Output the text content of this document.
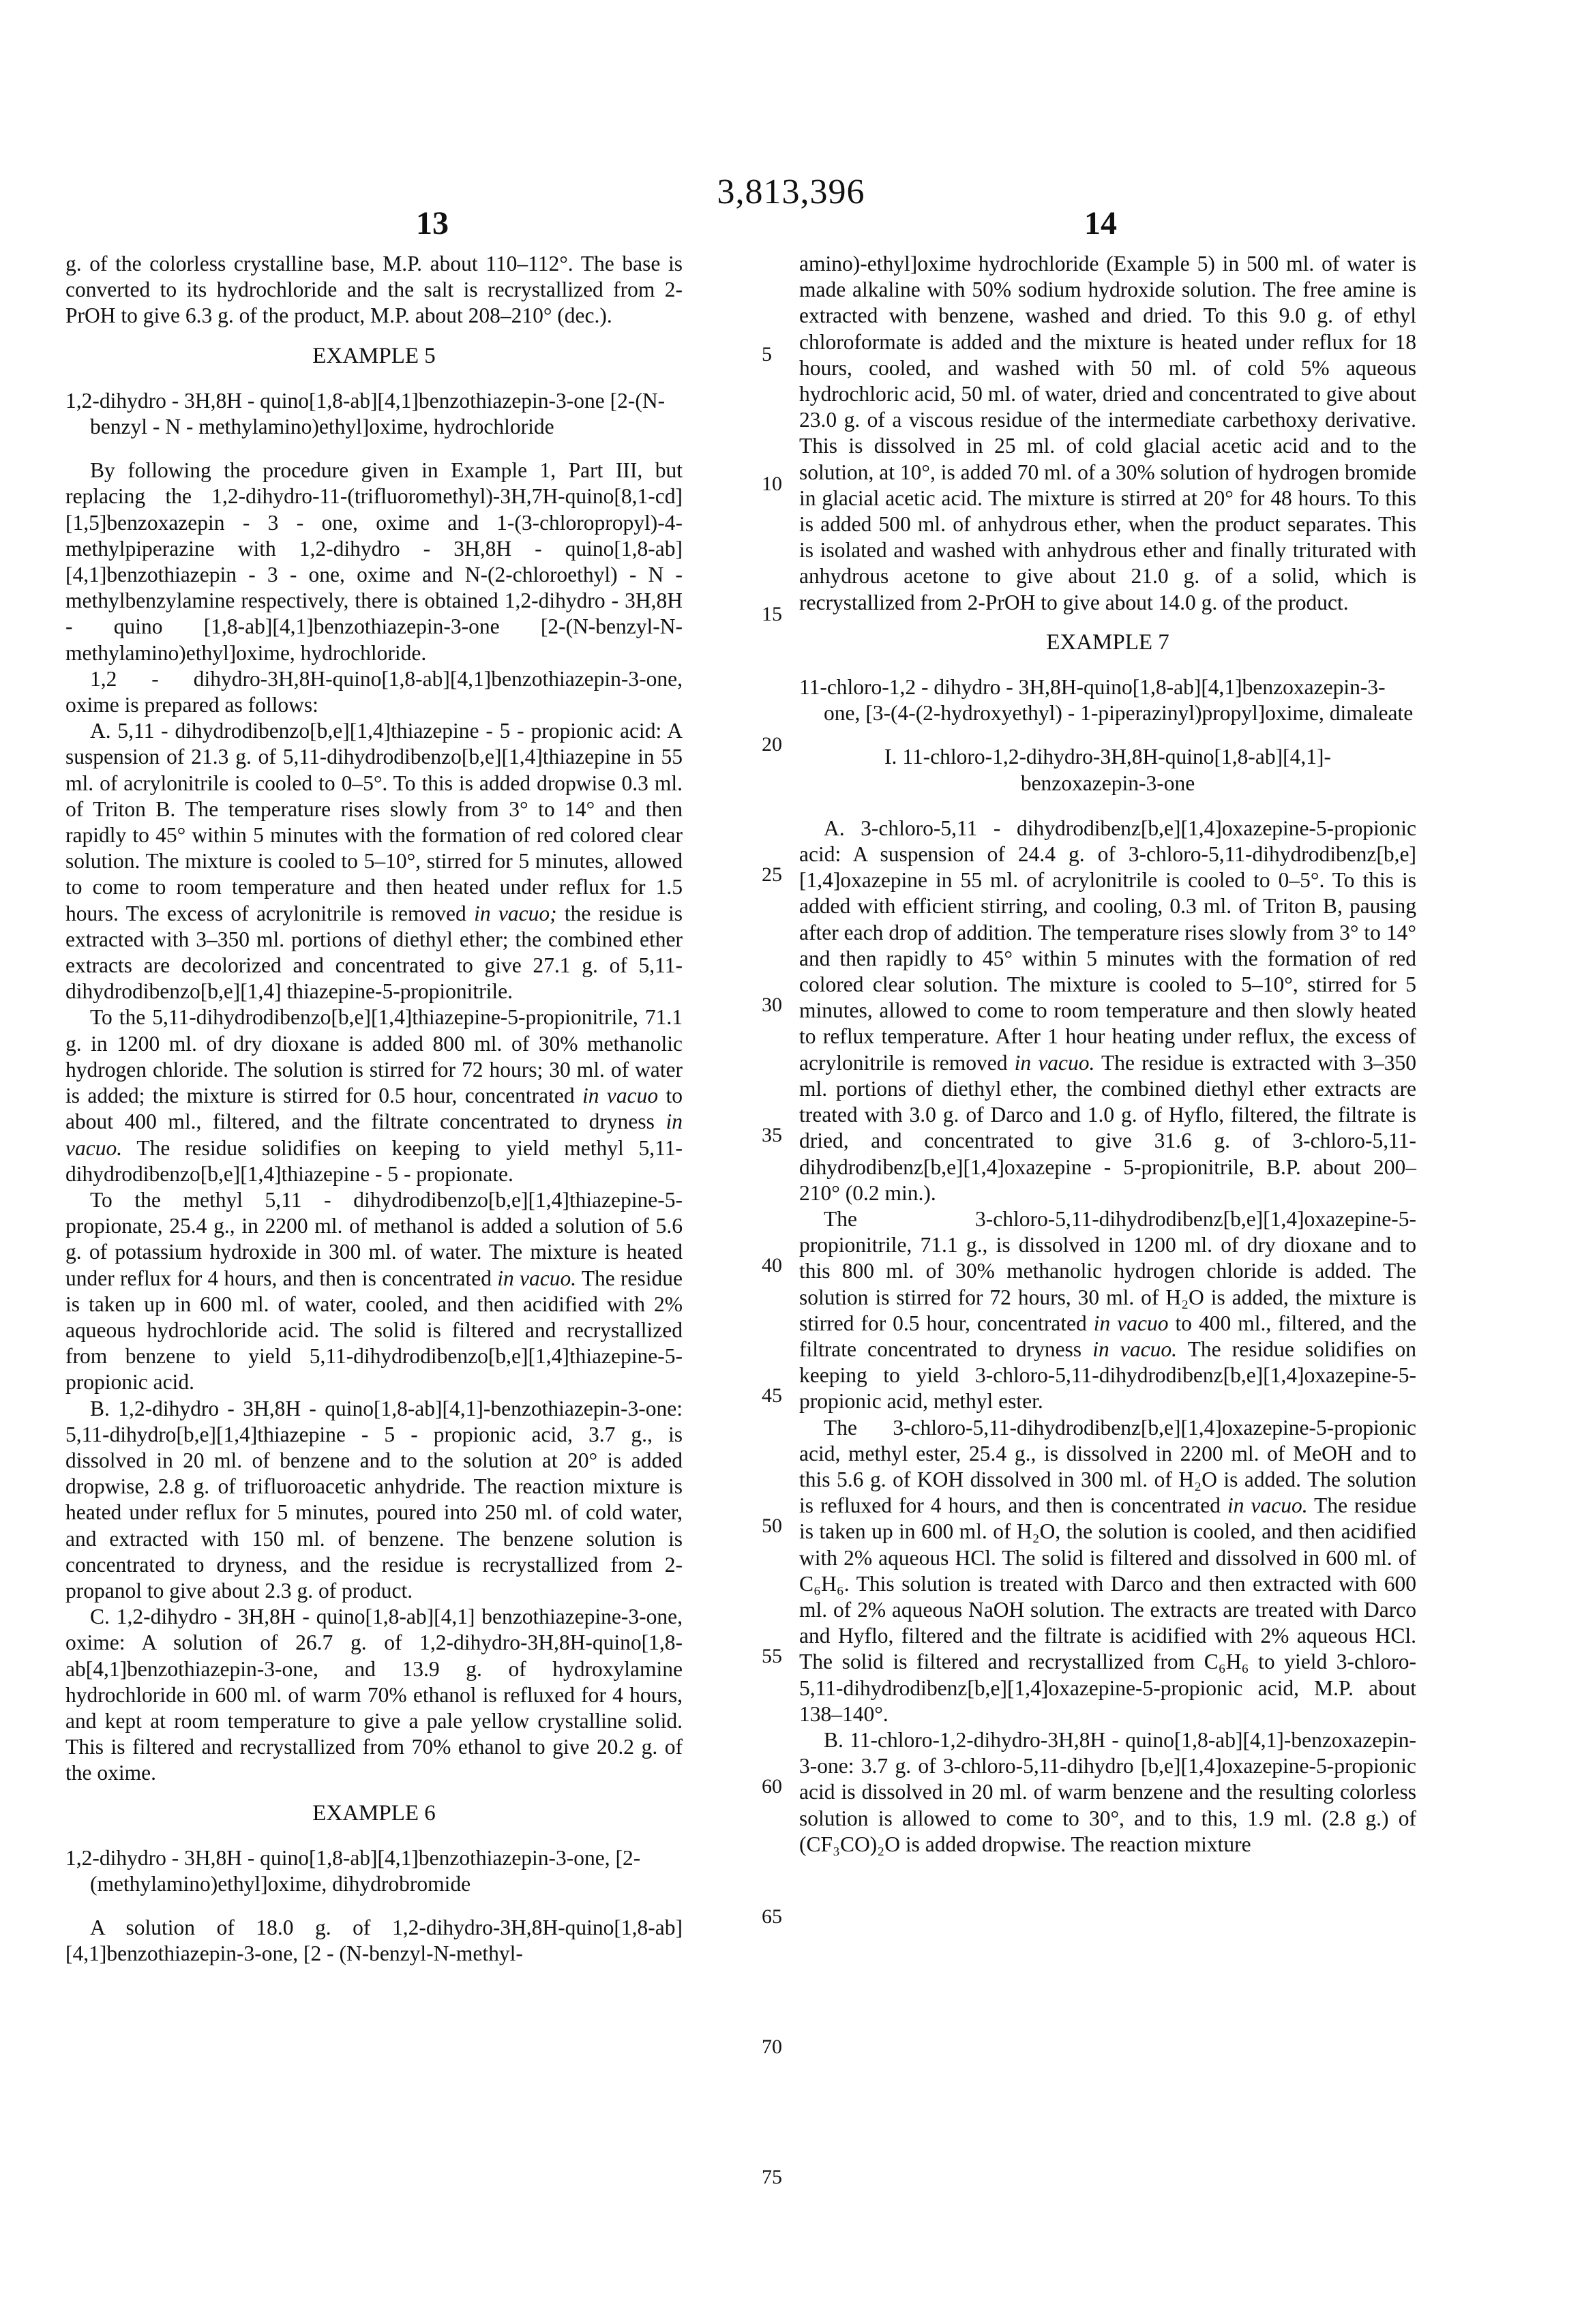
3,813,396
13	14

g. of the colorless crystalline base, M.P. about 110–112°. The base is converted to its hydrochloride and the salt is recrystallized from 2-PrOH to give 6.3 g. of the product, M.P. about 208–210° (dec.).

EXAMPLE 5

1,2-dihydro - 3H,8H - quino[1,8-ab][4,1]benzothiazepin-3-one [2-(N-benzyl - N - methylamino)ethyl]oxime, hydrochloride

By following the procedure given in Example 1, Part III, but replacing the 1,2-dihydro-11-(trifluoromethyl)-3H,7H-quino[8,1-cd][1,5]benzoxazepin - 3 - one, oxime and 1-(3-chloropropyl)-4-methylpiperazine with 1,2-dihydro - 3H,8H - quino[1,8-ab][4,1]benzothiazepin - 3 - one, oxime and N-(2-chloroethyl) - N - methylbenzylamine respectively, there is obtained 1,2-dihydro - 3H,8H - quino [1,8-ab][4,1]benzothiazepin-3-one [2-(N-benzyl-N-methylamino)ethyl]oxime, hydrochloride.

1,2 - dihydro-3H,8H-quino[1,8-ab][4,1]benzothiazepin-3-one, oxime is prepared as follows:

A. 5,11 - dihydrodibenzo[b,e][1,4]thiazepine - 5 - propionic acid: A suspension of 21.3 g. of 5,11-dihydrodibenzo[b,e][1,4]thiazepine in 55 ml. of acrylonitrile is cooled to 0–5°. To this is added dropwise 0.3 ml. of Triton B. The temperature rises slowly from 3° to 14° and then rapidly to 45° within 5 minutes with the formation of red colored clear solution. The mixture is cooled to 5–10°, stirred for 5 minutes, allowed to come to room temperature and then heated under reflux for 1.5 hours. The excess of acrylonitrile is removed in vacuo; the residue is extracted with 3–350 ml. portions of diethyl ether; the combined ether extracts are decolorized and concentrated to give 27.1 g. of 5,11-dihydrodibenzo[b,e][1,4] thiazepine-5-propionitrile.

To the 5,11-dihydrodibenzo[b,e][1,4]thiazepine-5-propionitrile, 71.1 g. in 1200 ml. of dry dioxane is added 800 ml. of 30% methanolic hydrogen chloride. The solution is stirred for 72 hours; 30 ml. of water is added; the mixture is stirred for 0.5 hour, concentrated in vacuo to about 400 ml., filtered, and the filtrate concentrated to dryness in vacuo. The residue solidifies on keeping to yield methyl 5,11-dihydrodibenzo[b,e][1,4]thiazepine - 5 - propionate.

To the methyl 5,11 - dihydrodibenzo[b,e][1,4]thiazepine-5-propionate, 25.4 g., in 2200 ml. of methanol is added a solution of 5.6 g. of potassium hydroxide in 300 ml. of water. The mixture is heated under reflux for 4 hours, and then is concentrated in vacuo. The residue is taken up in 600 ml. of water, cooled, and then acidified with 2% aqueous hydrochloride acid. The solid is filtered and recrystallized from benzene to yield 5,11-dihydrodibenzo[b,e][1,4]thiazepine-5-propionic acid.

B. 1,2-dihydro - 3H,8H - quino[1,8-ab][4,1]-benzothiazepin-3-one: 5,11-dihydro[b,e][1,4]thiazepine - 5 - propionic acid, 3.7 g., is dissolved in 20 ml. of benzene and to the solution at 20° is added dropwise, 2.8 g. of trifluoroacetic anhydride. The reaction mixture is heated under reflux for 5 minutes, poured into 250 ml. of cold water, and extracted with 150 ml. of benzene. The benzene solution is concentrated to dryness, and the residue is recrystallized from 2-propanol to give about 2.3 g. of product.

C. 1,2-dihydro - 3H,8H - quino[1,8-ab][4,1] benzothiazepine-3-one, oxime: A solution of 26.7 g. of 1,2-dihydro-3H,8H-quino[1,8-ab[4,1]benzothiazepin-3-one, and 13.9 g. of hydroxylamine hydrochloride in 600 ml. of warm 70% ethanol is refluxed for 4 hours, and kept at room temperature to give a pale yellow crystalline solid. This is filtered and recrystallized from 70% ethanol to give 20.2 g. of the oxime.

EXAMPLE 6

1,2-dihydro - 3H,8H - quino[1,8-ab][4,1]benzothiazepin-3-one, [2-(methylamino)ethyl]oxime, dihydrobromide

A solution of 18.0 g. of 1,2-dihydro-3H,8H-quino[1,8-ab][4,1]benzothiazepin-3-one, [2 - (N-benzyl-N-methyl-

5
10
15
20
25
30
35
40
45
50
55
60
65
70
75

amino)-ethyl]oxime hydrochloride (Example 5) in 500 ml. of water is made alkaline with 50% sodium hydroxide solution. The free amine is extracted with benzene, washed and dried. To this 9.0 g. of ethyl chloroformate is added and the mixture is heated under reflux for 18 hours, cooled, and washed with 50 ml. of cold 5% aqueous hydrochloric acid, 50 ml. of water, dried and concentrated to give about 23.0 g. of a viscous residue of the intermediate carbethoxy derivative. This is dissolved in 25 ml. of cold glacial acetic acid and to the solution, at 10°, is added 70 ml. of a 30% solution of hydrogen bromide in glacial acetic acid. The mixture is stirred at 20° for 48 hours. To this is added 500 ml. of anhydrous ether, when the product separates. This is isolated and washed with anhydrous ether and finally triturated with anhydrous acetone to give about 21.0 g. of a solid, which is recrystallized from 2-PrOH to give about 14.0 g. of the product.

EXAMPLE 7

11-chloro-1,2 - dihydro - 3H,8H-quino[1,8-ab][4,1]benzoxazepin-3-one, [3-(4-(2-hydroxyethyl) - 1-piperazinyl)propyl]oxime, dimaleate

I. 11-chloro-1,2-dihydro-3H,8H-quino[1,8-ab][4,1]-benzoxazepin-3-one

A. 3-chloro-5,11 - dihydrodibenz[b,e][1,4]oxazepine-5-propionic acid: A suspension of 24.4 g. of 3-chloro-5,11-dihydrodibenz[b,e][1,4]oxazepine in 55 ml. of acrylonitrile is cooled to 0–5°. To this is added with efficient stirring, and cooling, 0.3 ml. of Triton B, pausing after each drop of addition. The temperature rises slowly from 3° to 14° and then rapidly to 45° within 5 minutes with the formation of red colored clear solution. The mixture is cooled to 5–10°, stirred for 5 minutes, allowed to come to room temperature and then slowly heated to reflux temperature. After 1 hour heating under reflux, the excess of acrylonitrile is removed in vacuo. The residue is extracted with 3–350 ml. portions of diethyl ether, the combined diethyl ether extracts are treated with 3.0 g. of Darco and 1.0 g. of Hyflo, filtered, the filtrate is dried, and concentrated to give 31.6 g. of 3-chloro-5,11-dihydrodibenz[b,e][1,4]oxazepine - 5-propionitrile, B.P. about 200–210° (0.2 min.).

The 3-chloro-5,11-dihydrodibenz[b,e][1,4]oxazepine-5-propionitrile, 71.1 g., is dissolved in 1200 ml. of dry dioxane and to this 800 ml. of 30% methanolic hydrogen chloride is added. The solution is stirred for 72 hours, 30 ml. of H₂O is added, the mixture is stirred for 0.5 hour, concentrated in vacuo to 400 ml., filtered, and the filtrate concentrated to dryness in vacuo. The residue solidifies on keeping to yield 3-chloro-5,11-dihydrodibenz[b,e][1,4]oxazepine-5-propionic acid, methyl ester.

The 3-chloro-5,11-dihydrodibenz[b,e][1,4]oxazepine-5-propionic acid, methyl ester, 25.4 g., is dissolved in 2200 ml. of MeOH and to this 5.6 g. of KOH dissolved in 300 ml. of H₂O is added. The solution is refluxed for 4 hours, and then is concentrated in vacuo. The residue is taken up in 600 ml. of H₂O, the solution is cooled, and then acidified with 2% aqueous HCl. The solid is filtered and dissolved in 600 ml. of C₆H₆. This solution is treated with Darco and then extracted with 600 ml. of 2% aqueous NaOH solution. The extracts are treated with Darco and Hyflo, filtered and the filtrate is acidified with 2% aqueous HCl. The solid is filtered and recrystallized from C₆H₆ to yield 3-chloro-5,11-dihydrodibenz[b,e][1,4]oxazepine-5-propionic acid, M.P. about 138–140°.

B. 11-chloro-1,2-dihydro-3H,8H - quino[1,8-ab][4,1]-benzoxazepin-3-one: 3.7 g. of 3-chloro-5,11-dihydro [b,e][1,4]oxazepine-5-propionic acid is dissolved in 20 ml. of warm benzene and the resulting colorless solution is allowed to come to 30°, and to this, 1.9 ml. (2.8 g.) of (CF₃CO)₂O is added dropwise. The reaction mixture
